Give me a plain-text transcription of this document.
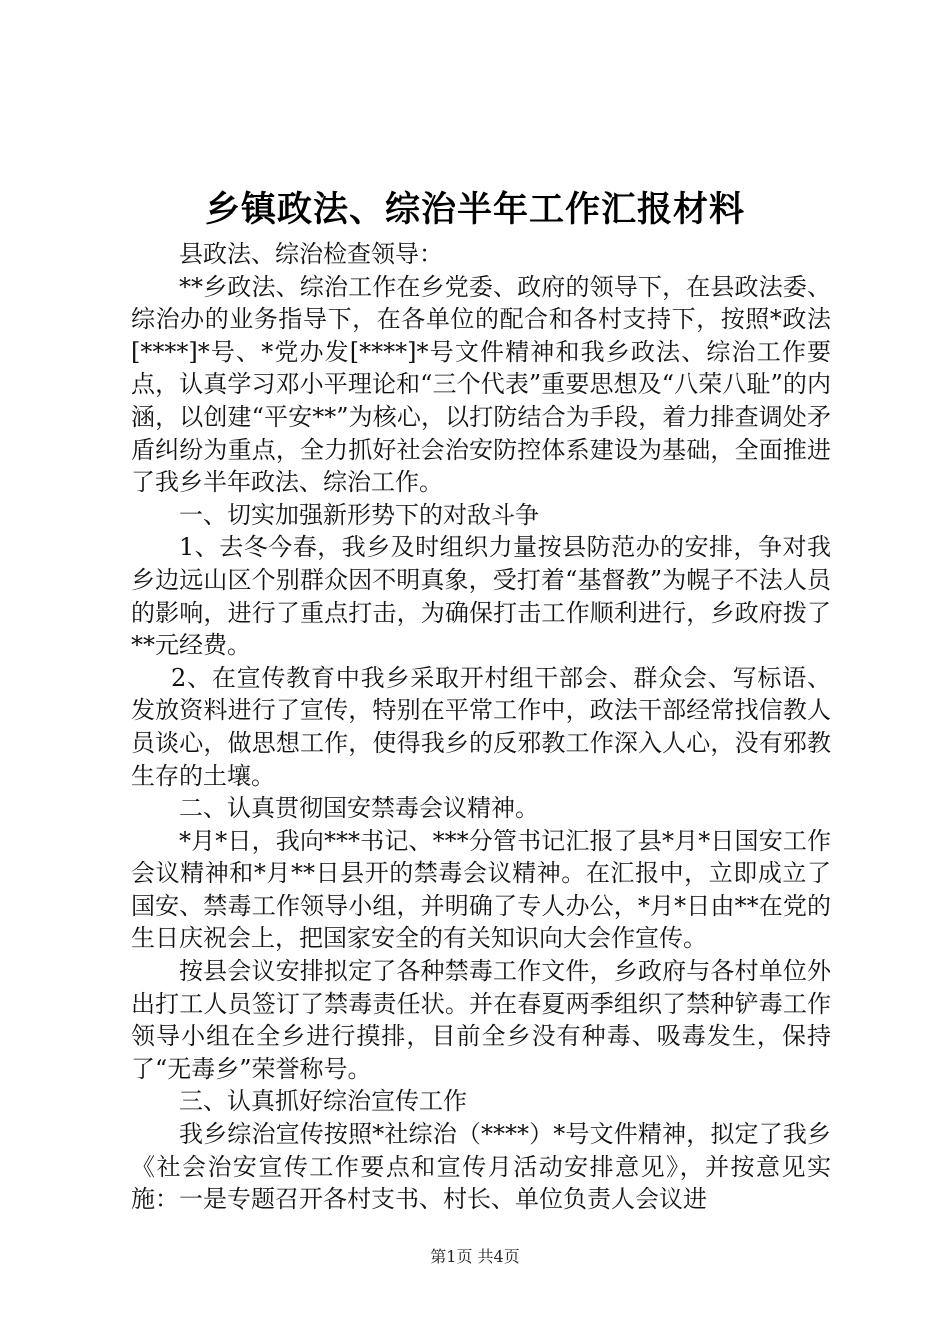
乡镇政法、综治半年工作汇报材料

县政法、综治检查领导：

**乡政法、综治工作在乡党委、政府的领导下，在县政法委、综治办的业务指导下，在各单位的配合和各村支持下，按照*政法[****]*号、*党办发[****]*号文件精神和我乡政法、综治工作要点，认真学习邓小平理论和“三个代表”重要思想及“八荣八耻”的内涵，以创建“平安**”为核心，以打防结合为手段，着力排查调处矛盾纠纷为重点，全力抓好社会治安防控体系建设为基础，全面推进了我乡半年政法、综治工作。

一、切实加强新形势下的对敌斗争

1、去冬今春，我乡及时组织力量按县防范办的安排，争对我乡边远山区个别群众因不明真象，受打着“基督教”为幌子不法人员的影响，进行了重点打击，为确保打击工作顺利进行，乡政府拨了**元经费。

2、在宣传教育中我乡采取开村组干部会、群众会、写标语、发放资料进行了宣传，特别在平常工作中，政法干部经常找信教人员谈心，做思想工作，使得我乡的反邪教工作深入人心，没有邪教生存的土壤。

二、认真贯彻国安禁毒会议精神。

*月*日，我向***书记、***分管书记汇报了县*月*日国安工作会议精神和*月**日县开的禁毒会议精神。在汇报中，立即成立了国安、禁毒工作领导小组，并明确了专人办公，*月*日由**在党的生日庆祝会上，把国家安全的有关知识向大会作宣传。

按县会议安排拟定了各种禁毒工作文件，乡政府与各村单位外出打工人员签订了禁毒责任状。并在春夏两季组织了禁种铲毒工作领导小组在全乡进行摸排，目前全乡没有种毒、吸毒发生，保持了“无毒乡”荣誉称号。

三、认真抓好综治宣传工作

我乡综治宣传按照*社综治（****）*号文件精神，拟定了我乡《社会治安宣传工作要点和宣传月活动安排意见》，并按意见实施：一是专题召开各村支书、村长、单位负责人会议进

第1页 共4页
